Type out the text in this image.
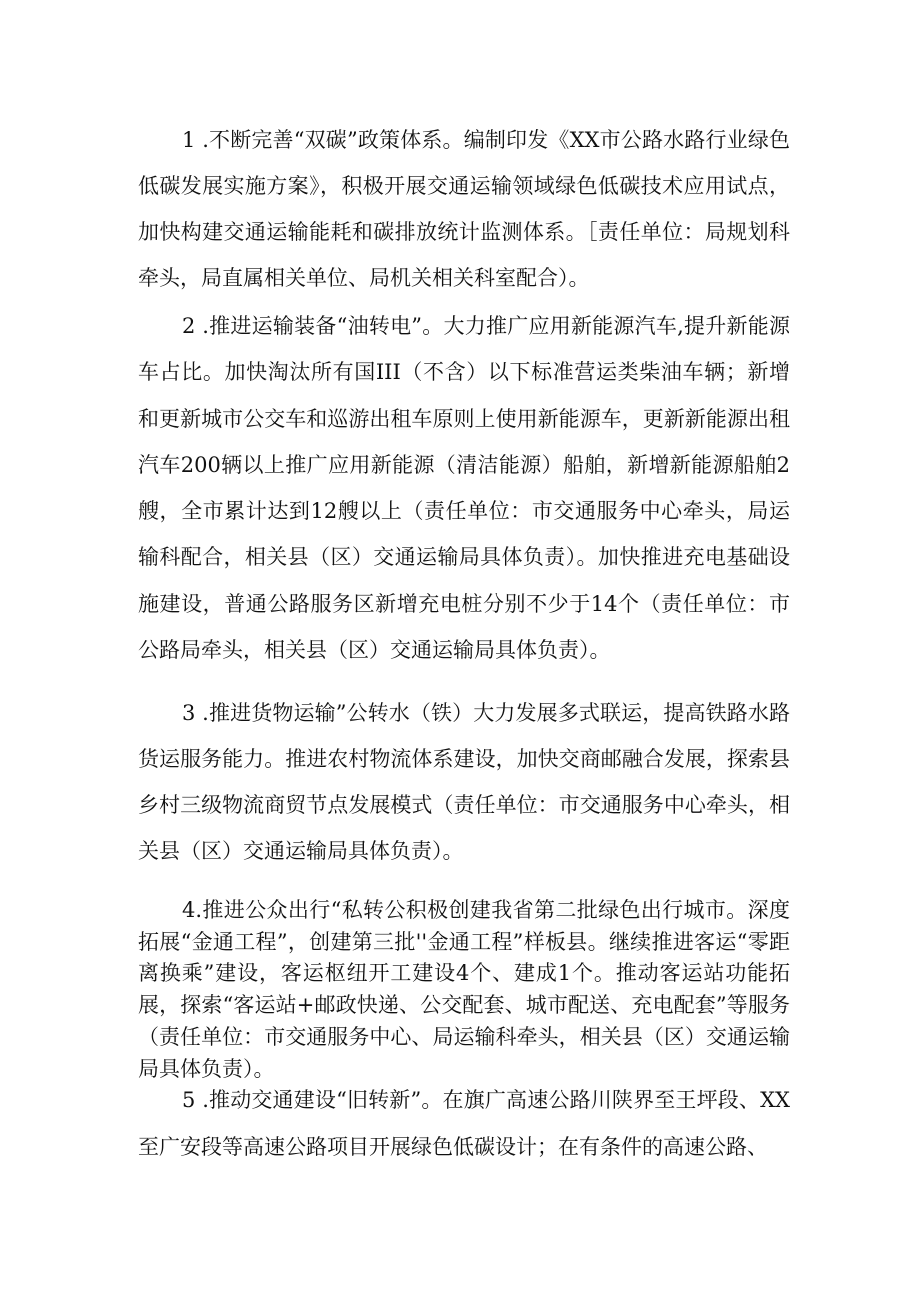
1 .不断完善“双碳”政策体系。编制印发《XX市公路水路行业绿色低碳发展实施方案》，积极开展交通运输领域绿色低碳技术应用试点，加快构建交通运输能耗和碳排放统计监测体系。［责任单位：局规划科牵头，局直属相关单位、局机关相关科室配合）。

2 .推进运输装备“油转电”。大力推广应用新能源汽车,提升新能源车占比。加快淘汰所有国III（不含）以下标准营运类柴油车辆；新增和更新城市公交车和巡游出租车原则上使用新能源车，更新新能源出租汽车200辆以上推广应用新能源（清洁能源）船舶，新增新能源船舶2艘，全市累计达到12艘以上（责任单位：市交通服务中心牵头，局运输科配合，相关县（区）交通运输局具体负责）。加快推进充电基础设施建设，普通公路服务区新增充电桩分别不少于14个（责任单位：市公路局牵头，相关县（区）交通运输局具体负责）。

3 .推进货物运输”公转水（铁）大力发展多式联运，提高铁路水路货运服务能力。推进农村物流体系建设，加快交商邮融合发展，探索县乡村三级物流商贸节点发展模式（责任单位：市交通服务中心牵头，相关县（区）交通运输局具体负责）。

4.推进公众出行“私转公积极创建我省第二批绿色出行城市。深度拓展“金通工程”，创建第三批''金通工程”样板县。继续推进客运“零距离换乘”建设，客运枢纽开工建设4个、建成1个。推动客运站功能拓展，探索“客运站+邮政快递、公交配套、城市配送、充电配套”等服务（责任单位：市交通服务中心、局运输科牵头，相关县（区）交通运输局具体负责）。

5 .推动交通建设“旧转新”。在旗广高速公路川陕界至王坪段、XX至广安段等高速公路项目开展绿色低碳设计；在有条件的高速公路、
